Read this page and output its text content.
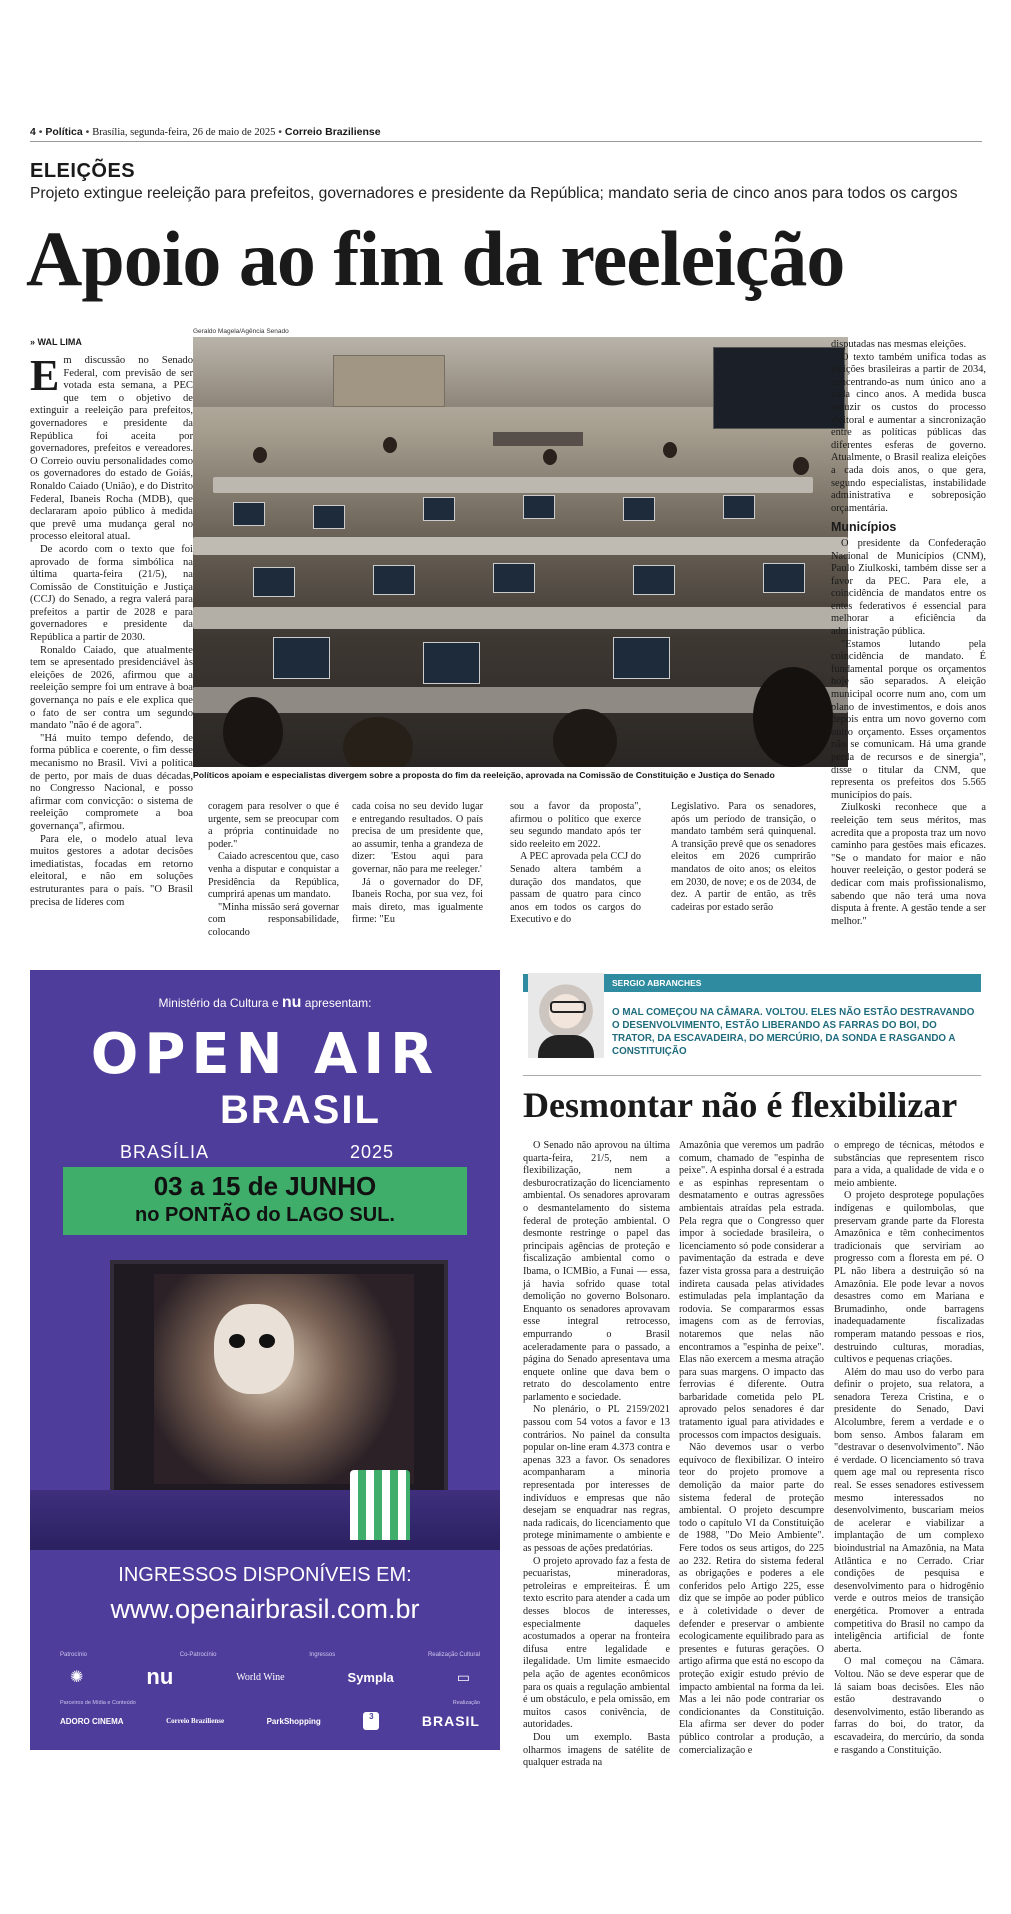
4 • Política • Brasília, segunda-feira, 26 de maio de 2025 • Correio Braziliense
ELEIÇÕES
Projeto extingue reeleição para prefeitos, governadores e presidente da República; mandato seria de cinco anos para todos os cargos
Apoio ao fim da reeleição
» WAL LIMA

Em discussão no Senado Federal, com previsão de ser votada esta semana, a PEC que tem o objetivo de extinguir a reeleição para prefeitos, governadores e presidente da República foi aceita por governadores, prefeitos e vereadores. O Correio ouviu personalidades como os governadores do estado de Goiás, Ronaldo Caiado (União), e do Distrito Federal, Ibaneis Rocha (MDB), que declararam apoio público à medida que prevê uma mudança geral no processo eleitoral atual.

De acordo com o texto que foi aprovado de forma simbólica na última quarta-feira (21/5), na Comissão de Constituição e Justiça (CCJ) do Senado, a regra valerá para prefeitos a partir de 2028 e para governadores e presidente da República a partir de 2030.

Ronaldo Caiado, que atualmente tem se apresentado presidenciável às eleições de 2026, afirmou que a reeleição sempre foi um entrave à boa governança no país e ele explica que o fato de ser contra um segundo mandato "não é de agora".

"Há muito tempo defendo, de forma pública e coerente, o fim desse mecanismo no Brasil. Vivi a política de perto, por mais de duas décadas, no Congresso Nacional, e posso afirmar com convicção: o sistema de reeleição compromete a boa governança", afirmou.

Para ele, o modelo atual leva muitos gestores a adotar decisões imediatistas, focadas em retorno eleitoral, e não em soluções estruturantes para o país. "O Brasil precisa de líderes com

Geraldo Magela/Agência Senado
Políticos apoiam e especialistas divergem sobre a proposta do fim da reeleição, aprovada na Comissão de Constituição e Justiça do Senado

coragem para resolver o que é urgente, sem se preocupar com a própria continuidade no poder."

Caiado acrescentou que, caso venha a disputar e conquistar a Presidência da República, cumprirá apenas um mandato.

"Minha missão será governar com responsabilidade, colocando

cada coisa no seu devido lugar e entregando resultados. O país precisa de um presidente que, ao assumir, tenha a grandeza de dizer: 'Estou aqui para governar, não para me reeleger.'

Já o governador do DF, Ibaneis Rocha, por sua vez, foi mais direto, mas igualmente firme: "Eu

sou a favor da proposta", afirmou o político que exerce seu segundo mandato após ter sido reeleito em 2022.

A PEC aprovada pela CCJ do Senado altera também a duração dos mandatos, que passam de quatro para cinco anos em todos os cargos do Executivo e do

Legislativo. Para os senadores, após um período de transição, o mandato também será quinquenal. A transição prevê que os senadores eleitos em 2026 cumprirão mandatos de oito anos; os eleitos em 2030, de nove; e os de 2034, de dez. A partir de então, as três cadeiras por estado serão

disputadas nas mesmas eleições.

O texto também unifica todas as eleições brasileiras a partir de 2034, concentrando-as num único ano a cada cinco anos. A medida busca reduzir os custos do processo eleitoral e aumentar a sincronização entre as políticas públicas das diferentes esferas de governo. Atualmente, o Brasil realiza eleições a cada dois anos, o que gera, segundo especialistas, instabilidade administrativa e sobreposição orçamentária.

Municípios

O presidente da Confederação Nacional de Municípios (CNM), Paulo Ziulkoski, também disse ser a favor da PEC. Para ele, a coincidência de mandatos entre os entes federativos é essencial para melhorar a eficiência da administração pública.

"Estamos lutando pela coincidência de mandato. É fundamental porque os orçamentos hoje são separados. A eleição municipal ocorre num ano, com um plano de investimentos, e dois anos depois entra um novo governo com outro orçamento. Esses orçamentos não se comunicam. Há uma grande perda de recursos e de sinergia", disse o titular da CNM, que representa os prefeitos dos 5.565 municípios do país.

Ziulkoski reconhece que a reeleição tem seus méritos, mas acredita que a proposta traz um novo caminho para gestões mais eficazes. "Se o mandato for maior e não houver reeleição, o gestor poderá se dedicar com mais profissionalismo, sabendo que não terá uma nova disputa à frente. A gestão tende a ser melhor."

Ministério da Cultura e nu apresentam:
OPEN AIR
BRASIL
BRASÍLIA	2025
03 a 15 de JUNHO
no PONTÃO do LAGO SUL.
INGRESSOS DISPONÍVEIS EM:
www.openairbrasil.com.br
Patrocínio	Co-Patrocínio	Ingressos	Realização Cultural
✺	nu	World Wine	Sympla	▭
Parceiros de Mídia e Conteúdo	Realização
ADORO CINEMA	Correio Braziliense	ParkShopping	3	BRASIL
SERGIO ABRANCHES
O MAL COMEÇOU NA CÂMARA. VOLTOU. ELES NÃO ESTÃO DESTRAVANDO O DESENVOLVIMENTO, ESTÃO LIBERANDO AS FARRAS DO BOI, DO TRATOR, DA ESCAVADEIRA, DO MERCÚRIO, DA SONDA E RASGANDO A CONSTITUIÇÃO
Desmontar não é flexibilizar

O Senado não aprovou na última quarta-feira, 21/5, nem a flexibilização, nem a desburocratização do licenciamento ambiental. Os senadores aprovaram o desmantelamento do sistema federal de proteção ambiental. O desmonte restringe o papel das principais agências de proteção e fiscalização ambiental como o Ibama, o ICMBio, a Funai — essa, já havia sofrido quase total demolição no governo Bolsonaro. Enquanto os senadores aprovavam esse integral retrocesso, empurrando o Brasil aceleradamente para o passado, a página do Senado apresentava uma enquete online que dava bem o retrato do descolamento entre parlamento e sociedade.

No plenário, o PL 2159/2021 passou com 54 votos a favor e 13 contrários. No painel da consulta popular on-line eram 4.373 contra e apenas 323 a favor. Os senadores acompanharam a minoria representada por interesses de indivíduos e empresas que não desejam se enquadrar nas regras, nada radicais, do licenciamento que protege minimamente o ambiente e as pessoas de ações predatórias.

O projeto aprovado faz a festa de pecuaristas, mineradoras, petroleiras e empreiteiras. É um texto escrito para atender a cada um desses blocos de interesses, especialmente daqueles acostumados a operar na fronteira difusa entre legalidade e ilegalidade. Um limite esmaecido pela ação de agentes econômicos para os quais a regulação ambiental é um obstáculo, e pela omissão, em muitos casos conivência, de autoridades.

Dou um exemplo. Basta olharmos imagens de satélite de qualquer estrada na

Amazônia que veremos um padrão comum, chamado de "espinha de peixe". A espinha dorsal é a estrada e as espinhas representam o desmatamento e outras agressões ambientais atraídas pela estrada. Pela regra que o Congresso quer impor à sociedade brasileira, o licenciamento só pode considerar a pavimentação da estrada e deve fazer vista grossa para a destruição indireta causada pelas atividades estimuladas pela implantação da rodovia. Se compararmos essas imagens com as de ferrovias, notaremos que nelas não encontramos a "espinha de peixe". Elas não exercem a mesma atração para suas margens. O impacto das ferrovias é diferente. Outra barbaridade cometida pelo PL aprovado pelos senadores é dar tratamento igual para atividades e processos com impactos desiguais.

Não devemos usar o verbo equívoco de flexibilizar. O inteiro teor do projeto promove a demolição da maior parte do sistema federal de proteção ambiental. O projeto descumpre todo o capítulo VI da Constituição de 1988, "Do Meio Ambiente". Fere todos os seus artigos, do 225 ao 232. Retira do sistema federal as obrigações e poderes a ele conferidos pelo Artigo 225, esse diz que se impõe ao poder público e à coletividade o dever de defender e preservar o ambiente ecologicamente equilibrado para as presentes e futuras gerações. O artigo afirma que está no escopo da proteção exigir estudo prévio de impacto ambiental na forma da lei. Mas a lei não pode contrariar os condicionantes da Constituição. Ela afirma ser dever do poder público controlar a produção, a comercialização e

o emprego de técnicas, métodos e substâncias que representem risco para a vida, a qualidade de vida e o meio ambiente.

O projeto desprotege populações indígenas e quilombolas, que preservam grande parte da Floresta Amazônica e têm conhecimentos tradicionais que serviriam ao progresso com a floresta em pé. O PL não libera a destruição só na Amazônia. Ele pode levar a novos desastres como em Mariana e Brumadinho, onde barragens inadequadamente fiscalizadas romperam matando pessoas e rios, destruindo culturas, moradias, cultivos e pequenas criações.

Além do mau uso do verbo para definir o projeto, sua relatora, a senadora Tereza Cristina, e o presidente do Senado, Davi Alcolumbre, ferem a verdade e o bom senso. Ambos falaram em "destravar o desenvolvimento". Não é verdade. O licenciamento só trava quem age mal ou representa risco real. Se esses senadores estivessem mesmo interessados no desenvolvimento, buscariam meios de acelerar e viabilizar a implantação de um complexo bioindustrial na Amazônia, na Mata Atlântica e no Cerrado. Criar condições de pesquisa e desenvolvimento para o hidrogênio verde e outros meios de transição energética. Promover a entrada competitiva do Brasil no campo da inteligência artificial de fonte aberta.

O mal começou na Câmara. Voltou. Não se deve esperar que de lá saiam boas decisões. Eles não estão destravando o desenvolvimento, estão liberando as farras do boi, do trator, da escavadeira, do mercúrio, da sonda e rasgando a Constituição.
